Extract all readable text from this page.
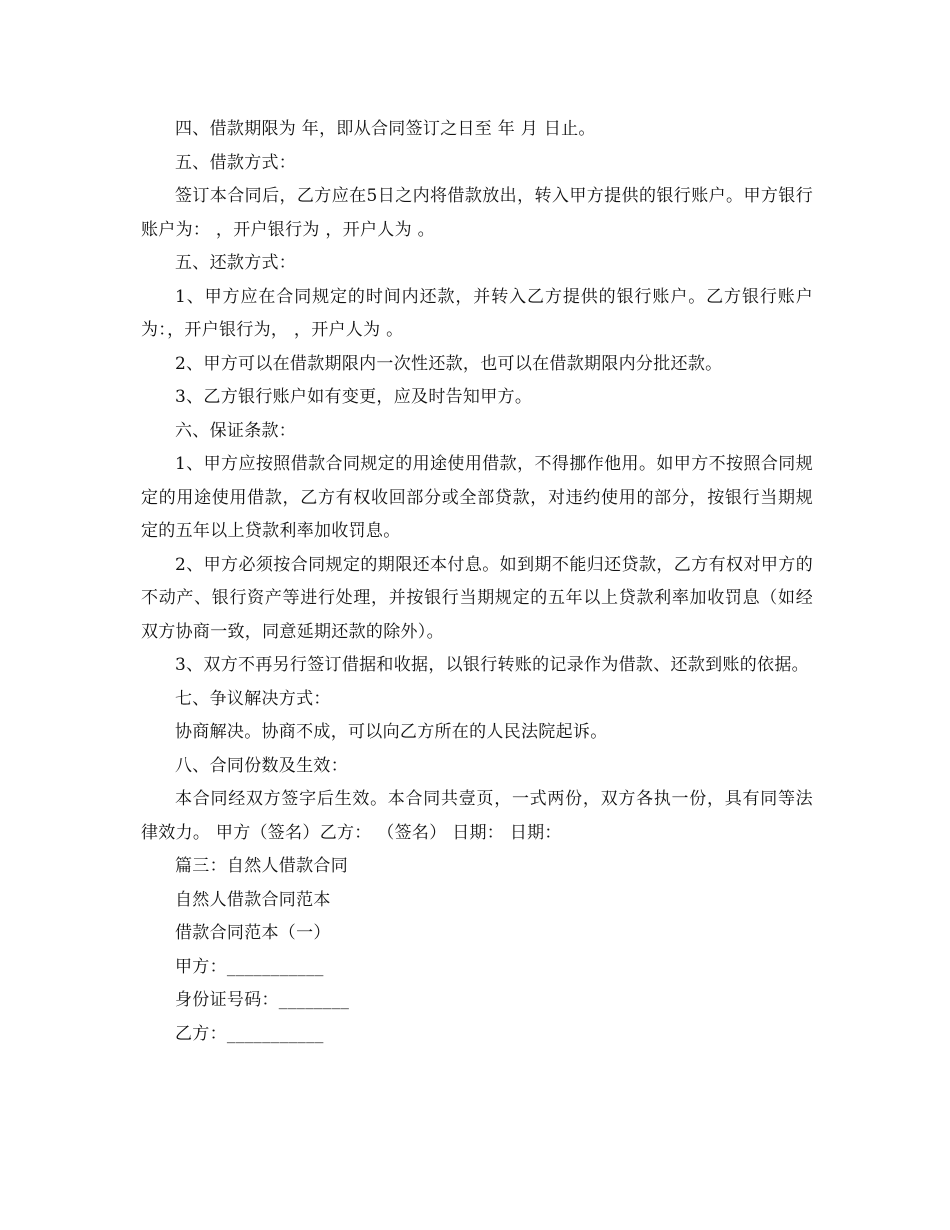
四、借款期限为 年，即从合同签订之日至 年 月 日止。

五、借款方式：

签订本合同后，乙方应在5日之内将借款放出，转入甲方提供的银行账户。甲方银行账户为： ，开户银行为 ，开户人为 。

五、还款方式：

1、甲方应在合同规定的时间内还款，并转入乙方提供的银行账户。乙方银行账户为：，开户银行为， ，开户人为 。

2、甲方可以在借款期限内一次性还款，也可以在借款期限内分批还款。

3、乙方银行账户如有变更，应及时告知甲方。

六、保证条款：

1、甲方应按照借款合同规定的用途使用借款，不得挪作他用。如甲方不按照合同规定的用途使用借款，乙方有权收回部分或全部贷款，对违约使用的部分，按银行当期规定的五年以上贷款利率加收罚息。

2、甲方必须按合同规定的期限还本付息。如到期不能归还贷款，乙方有权对甲方的不动产、银行资产等进行处理，并按银行当期规定的五年以上贷款利率加收罚息（如经双方协商一致，同意延期还款的除外）。

3、双方不再另行签订借据和收据，以银行转账的记录作为借款、还款到账的依据。

七、争议解决方式：

协商解决。协商不成，可以向乙方所在的人民法院起诉。

八、合同份数及生效：

本合同经双方签字后生效。本合同共壹页，一式两份，双方各执一份，具有同等法律效力。 甲方（签名）乙方： （签名） 日期： 日期：

篇三：自然人借款合同

自然人借款合同范本

借款合同范本（一）

甲方：___________

身份证号码：________

乙方：___________
